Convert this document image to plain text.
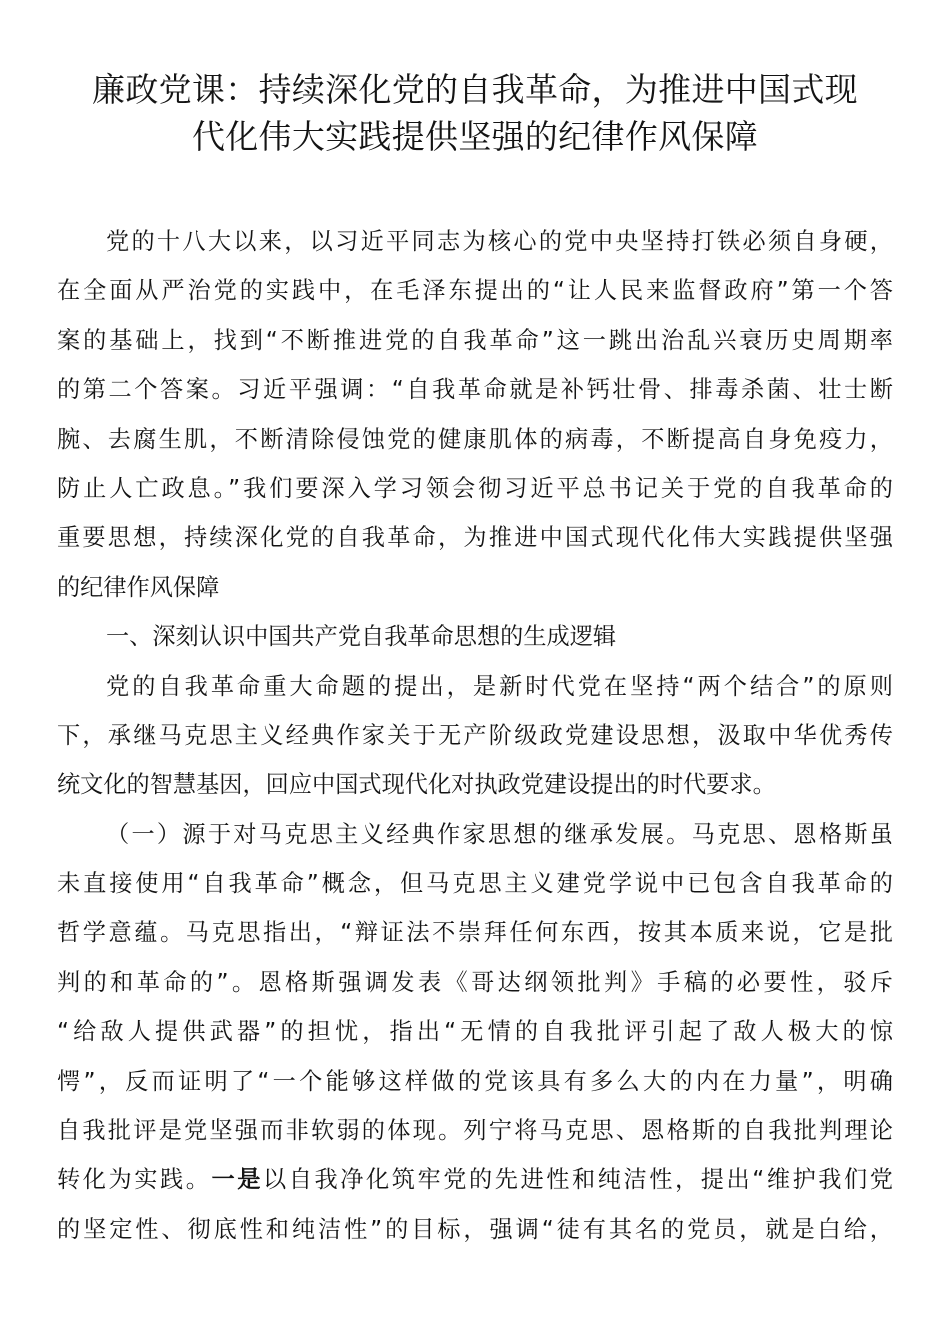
廉政党课：持续深化党的自我革命，为推进中国式现
代化伟大实践提供坚强的纪律作风保障
党的十八大以来，以习近平同志为核心的党中央坚持打铁必须自身硬，
在全面从严治党的实践中，在毛泽东提出的“让人民来监督政府”第一个答
案的基础上，找到“不断推进党的自我革命”这一跳出治乱兴衰历史周期率
的第二个答案。习近平强调：“自我革命就是补钙壮骨、排毒杀菌、壮士断
腕、去腐生肌，不断清除侵蚀党的健康肌体的病毒，不断提高自身免疫力，
防止人亡政息。”我们要深入学习领会彻习近平总书记关于党的自我革命的
重要思想，持续深化党的自我革命，为推进中国式现代化伟大实践提供坚强
的纪律作风保障
一、深刻认识中国共产党自我革命思想的生成逻辑
党的自我革命重大命题的提出，是新时代党在坚持“两个结合”的原则
下，承继马克思主义经典作家关于无产阶级政党建设思想，汲取中华优秀传
统文化的智慧基因，回应中国式现代化对执政党建设提出的时代要求。
（一）源于对马克思主义经典作家思想的继承发展。马克思、恩格斯虽
未直接使用“自我革命”概念，但马克思主义建党学说中已包含自我革命的
哲学意蕴。马克思指出，“辩证法不崇拜任何东西，按其本质来说，它是批
判的和革命的”。恩格斯强调发表《哥达纲领批判》手稿的必要性，驳斥
“给敌人提供武器”的担忧，指出“无情的自我批评引起了敌人极大的惊
愕”，反而证明了“一个能够这样做的党该具有多么大的内在力量”，明确
自我批评是党坚强而非软弱的体现。列宁将马克思、恩格斯的自我批判理论
转化为实践。一是以自我净化筑牢党的先进性和纯洁性，提出“维护我们党
的坚定性、彻底性和纯洁性”的目标，强调“徒有其名的党员，就是白给，
